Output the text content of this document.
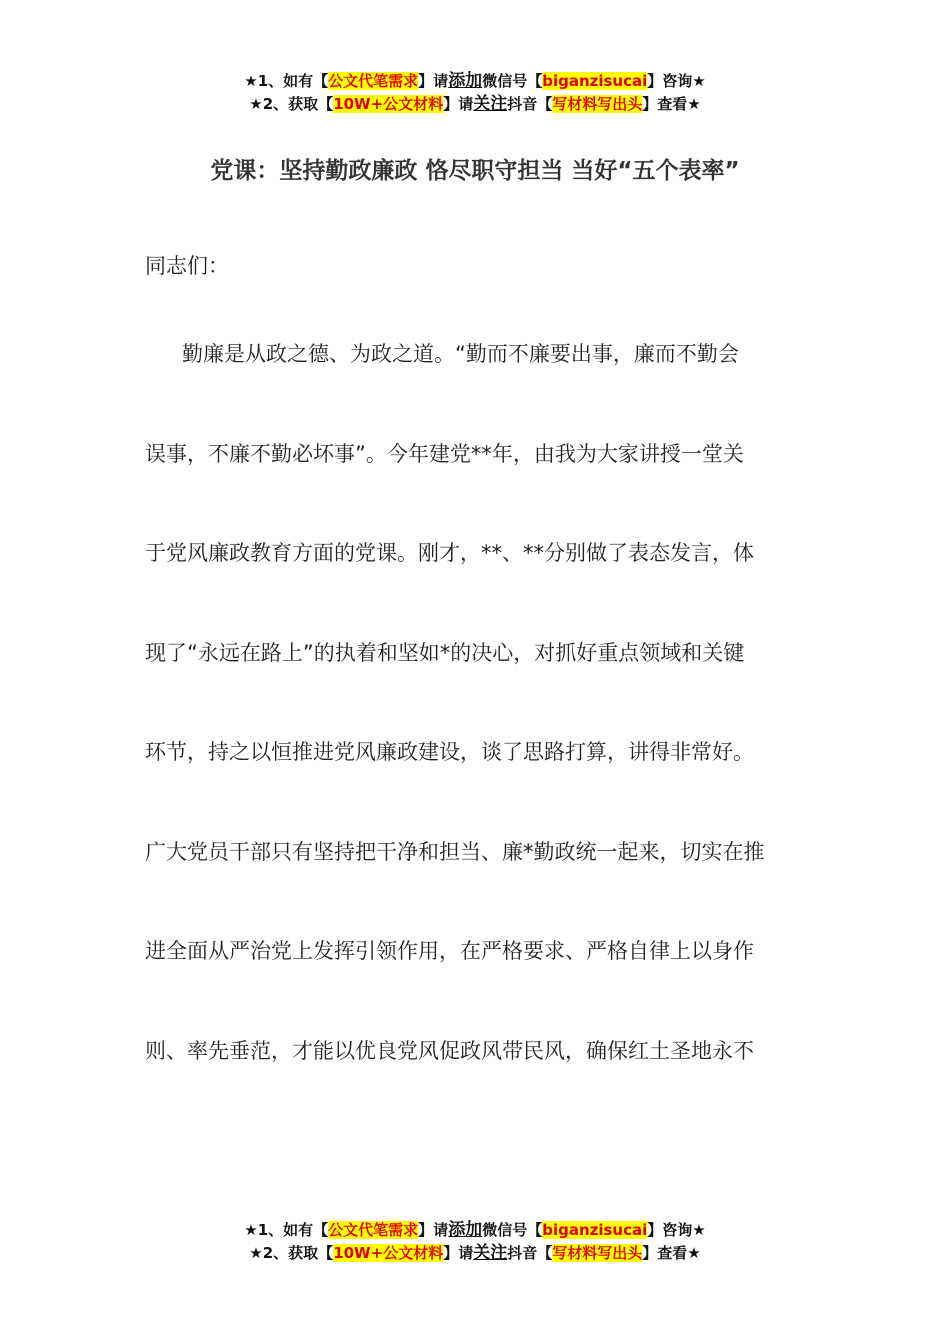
★1、如有【公文代笔需求】请添加微信号【biganzisucai】咨询★
★2、获取【10W+公文材料】请关注抖音【写材料写出头】查看★
党课：坚持勤政廉政 恪尽职守担当 当好“五个表率”
同志们：
勤廉是从政之德、为政之道。“勤而不廉要出事，廉而不勤会
误事，不廉不勤必坏事”。今年建党**年，由我为大家讲授一堂关
于党风廉政教育方面的党课。刚才，**、**分别做了表态发言，体
现了“永远在路上”的执着和坚如*的决心，对抓好重点领域和关键
环节，持之以恒推进党风廉政建设，谈了思路打算，讲得非常好。
广大党员干部只有坚持把干净和担当、廉*勤政统一起来，切实在推
进全面从严治党上发挥引领作用，在严格要求、严格自律上以身作
则、率先垂范，才能以优良党风促政风带民风，确保红土圣地永不
★1、如有【公文代笔需求】请添加微信号【biganzisucai】咨询★
★2、获取【10W+公文材料】请关注抖音【写材料写出头】查看★
